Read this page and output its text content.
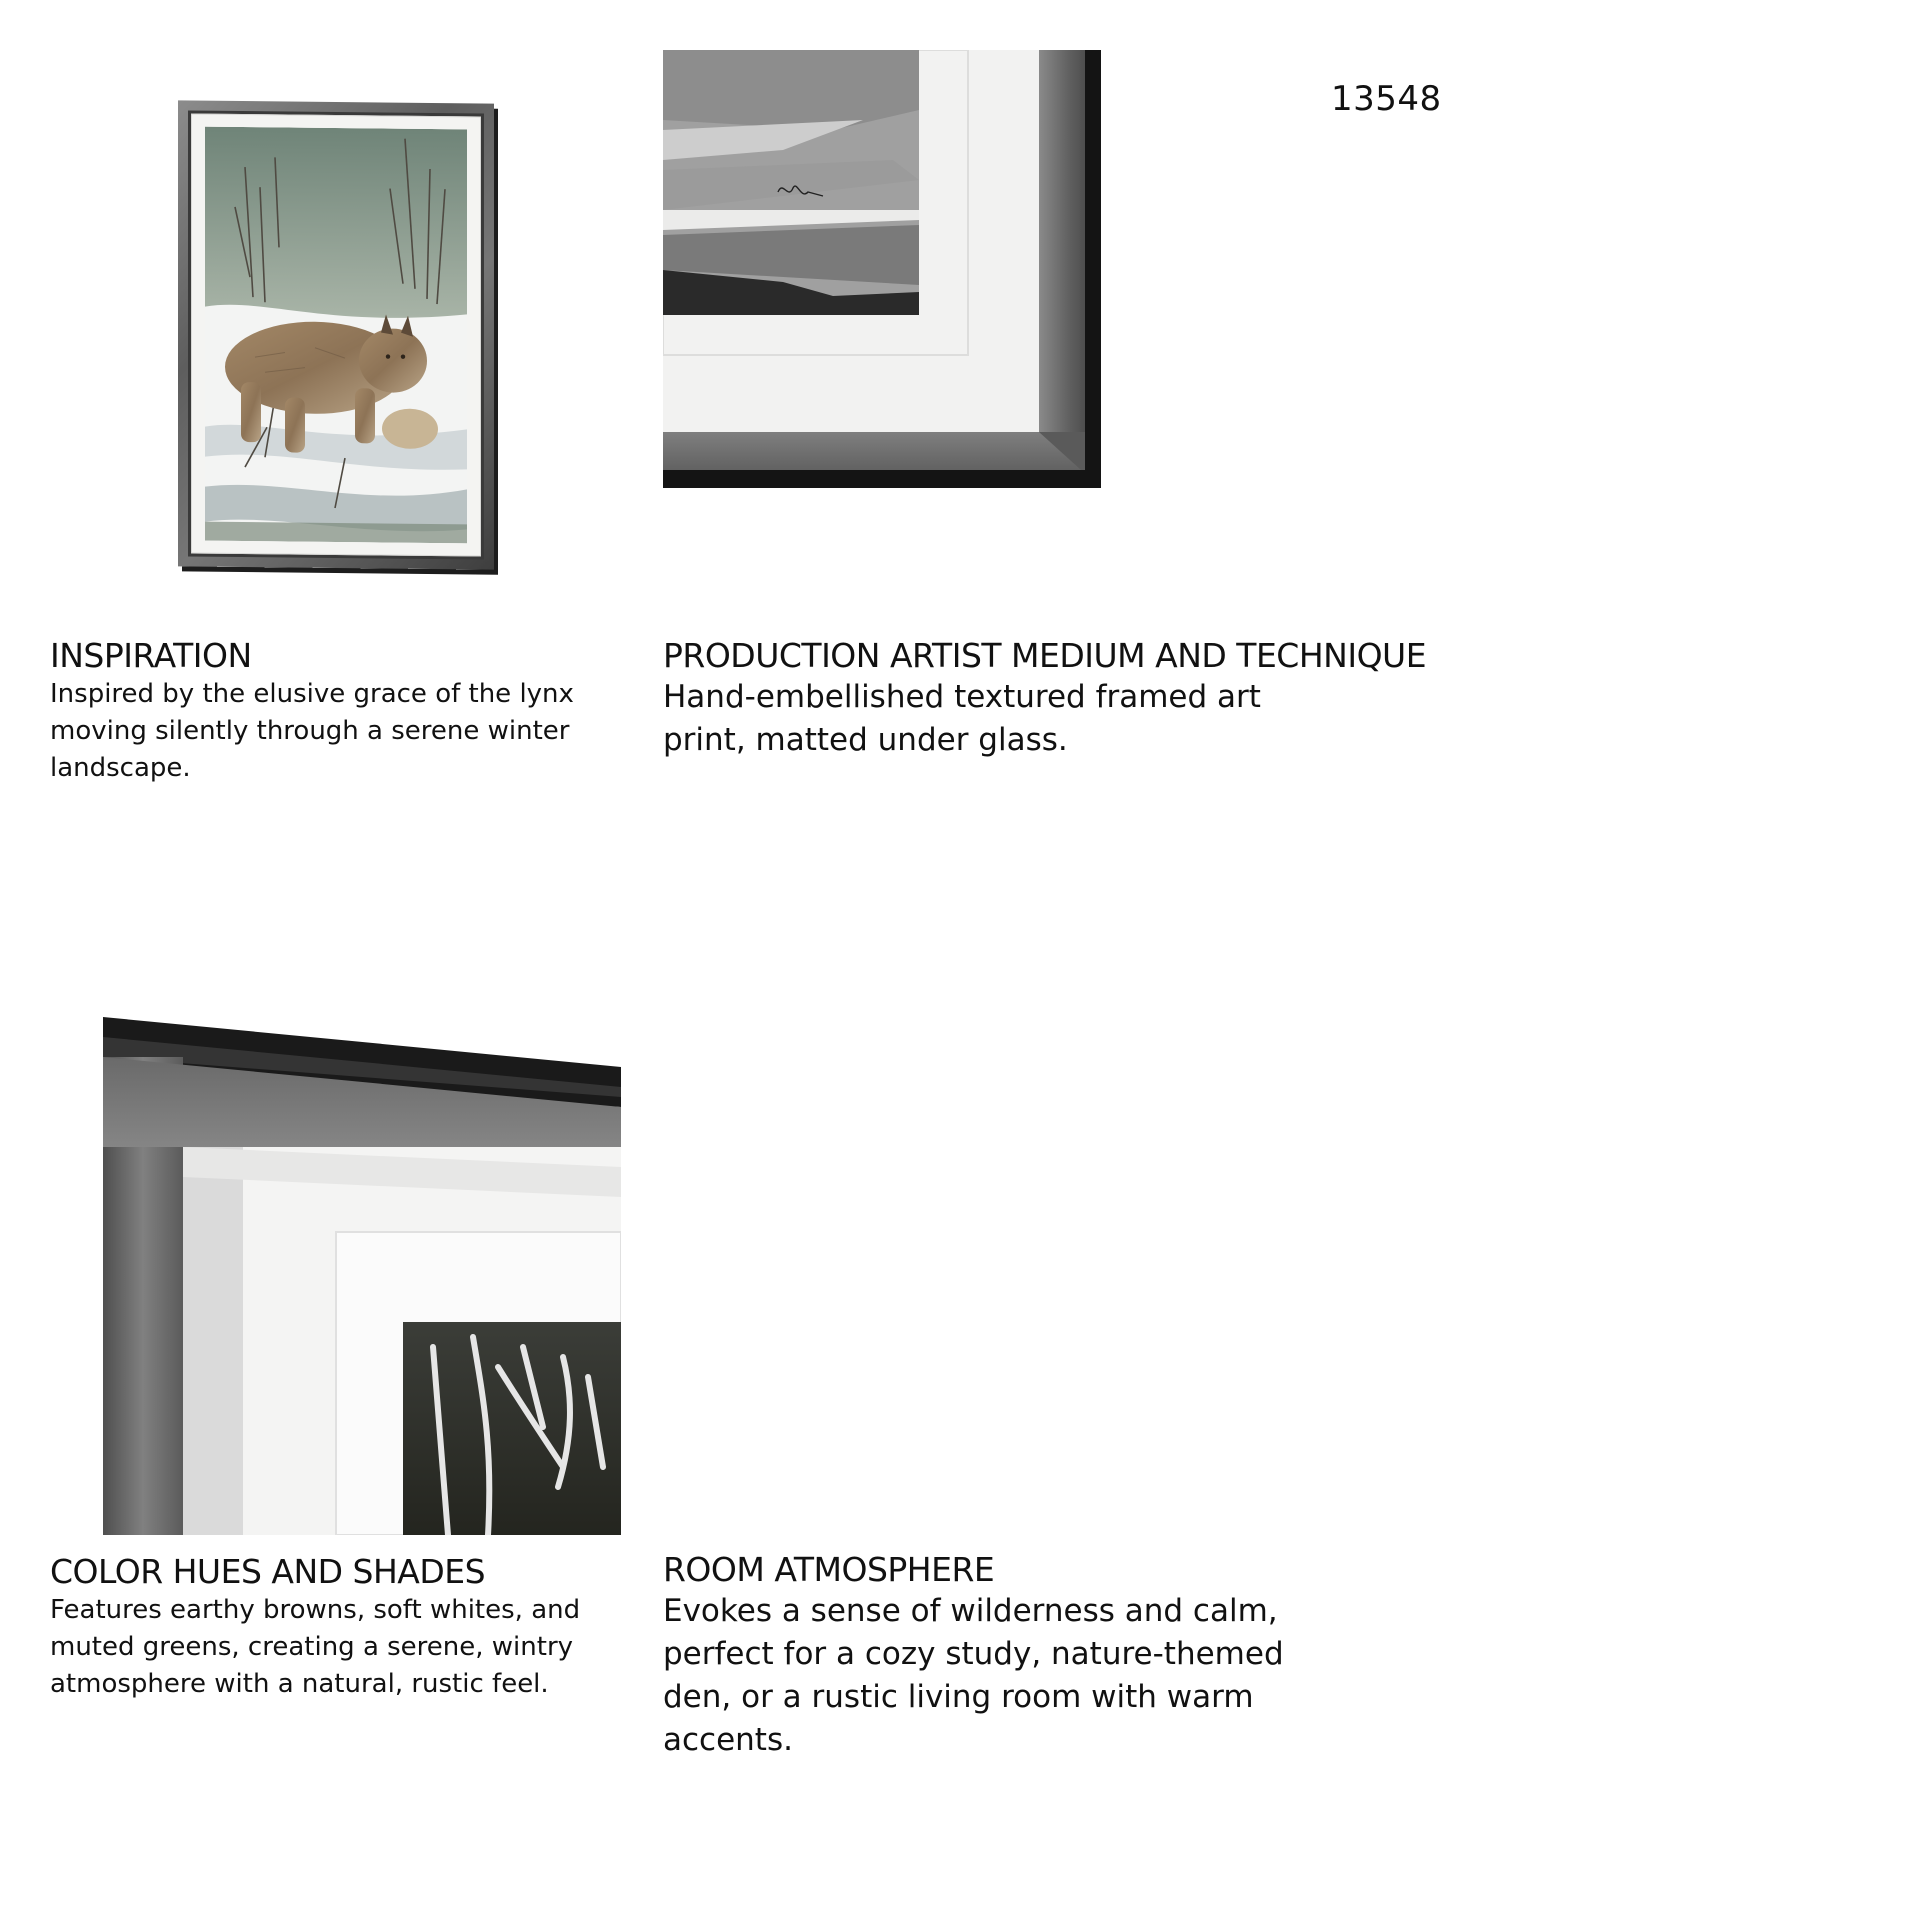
13548
INSPIRATION

Inspired by the elusive grace of the lynx

moving silently through a serene winter

landscape.

PRODUCTION ARTIST MEDIUM AND TECHNIQUE

Hand-embellished textured framed art

print, matted under glass.

COLOR HUES AND SHADES

Features earthy browns, soft whites, and

muted greens, creating a serene, wintry

atmosphere with a natural, rustic feel.

ROOM ATMOSPHERE

Evokes a sense of wilderness and calm,

perfect for a cozy study, nature-themed

den, or a rustic living room with warm

accents.
